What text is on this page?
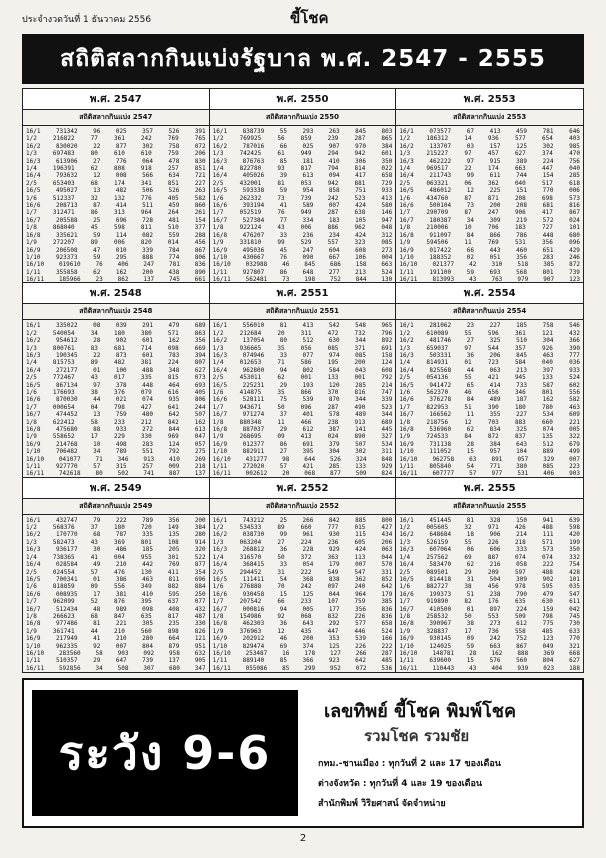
ประจำงวดวันที่ 1 ธันวาคม 2556	ขี้โชค
สถิติสลากกินแบ่งรัฐบาล พ.ศ. 2547 - 2555
พ.ศ. 2547
สถิติสลากกินแบ่ง 2547
16/1	731342	96	025	357	526	391
1/2	216822	77	361	242	769	765
16/2	830020	22	877	302	758	072
1/3	697483	80	610	610	759	206
16/3	613906	27	776	064	478	830
1/4	196391	62	808	918	257	851
16/4	793632	12	008	566	634	721
2/5	653403	68	174	341	851	227
16/5	495027	13	482	506	526	263
1/6	512337	32	132	776	405	582
16/6	208713	87	414	511	459	860
1/7	312471	86	313	964	264	261
16/7	205588	25	696	728	481	154
1/8	868040	45	598	811	510	377
16/8	335621	59	114	082	559	288
1/9	272207	89	006	820	014	456
16/9	206508	47	010	339	784	867
1/10	923373	59	295	888	774	806
16/10 019610 76 406 247 781 836
1/11	355858	62	162	200	438	890
16/11 185966 23 862 137 745 661
พ.ศ. 2550
สถิติสลากกินแบ่ง 2550
16/1	838739	55	293	263	845	803
1/2	769925	56	859	239	287	865
16/2	787016	66	025	907	970	384
1/3	742425	61	949	294	942	601
16/3	876763	85	181	410	306	350
1/4	822780	93	817	794	814	022
16/4	405026	39	613	094	417	658
2/5	432001	81	053	942	881	729
16/5	593338	59	954	858	751	933
1/6	262332	73	739	242	523	413
16/6	393194	41	589	007	424	580
1/7	052519	76	949	287	638	146
16/7	527384	77	334	183	105	947
1/8	922124	43	006	886	962	048
16/8	476207	33	236	234	424	312
1/9	331810	99	529	557	323	085
16/9	495036	45	247	604	608	273
1/10	430667	76	090	667	106	004
16/10 032988 46 845 686 158 663
1/11	927807	86	648	277	213	524
16/11 562481 73 198 752 844 130
พ.ศ. 2553
สถิติสลากกินแบ่ง 2553
16/1	073577	67	413	459	781	646
1/2	186312	14	936	577	654	403
16/2	133707	03	157	125	302	985
1/3	215227	97	457	627	374	470
16/3	462222	97	915	389	224	756
1/4	969517	22	174	663	447	040
16/4	211743	99	611	744	154	285
2/5	063321	06	362	040	517	618
16/5	486012	12	225	151	770	006
1/6	434760	87	871	208	698	573
16/6	500104	73	200	208	681	816
1/7	290709	87	247	906	417	867
16/7	180387	34	309	219	572	024
1/8	210006	10	706	183	727	101
16/8	911097	84	866	786	448	680
1/9	594506	11	769	531	356	096
16/9	017422	66	443	460	651	429
1/10	188352	02	051	356	283	246
16/10	021377	42	310	518	385	872
1/11	191100	59	693	568	801	739
16/11	813993	43	763	979	907	123
พ.ศ. 2548
สถิติสลากกินแบ่ง 2548
16/1	335022	08	039	291	479	689
1/2	540054	34	180	380	571	863
16/2	954612	28	902	601	162	356
1/3	800761	83	681	714	098	669
16/3	190345	22	873	601	783	394
1/4	815753	89	482	381	224	807
16/4	272177	01	100	488	348	627
2/5	772467	43	017	335	815	073
16/5	867134	97	378	448	464	693
1/6	176693	38	376	079	616	405
16/6	870030	44	021	074	935	806
1/7	000654	04	798	427	641	244
16/7	474452	13	759	480	642	507
1/8	622412	58	233	212	842	162
16/8	475680	88	933	272	844	613
1/9	558652	17	229	330	969	047
16/9	214768	10	498	283	124	057
1/10	706482	34	789	551	792	275
16/10 041077 71 346 913 410 269
1/11	927770	57	315	257	009	218
16/11 742618 80 502 741 887 137
พ.ศ. 2551
สถิติสลากกินแบ่ง 2551
16/1	556010	81	413	542	548	965
1/2	212684	20	311	472	732	796
16/2	137054	80	512	630	344	892
1/3	936665	35	056	085	371	691
16/3	074946	33	077	974	085	158
1/4	012653	71	586	195	200	124
16/4	962800	94	802	584	043	608
2/5	453011	62	001	133	001	792
16/5	225231	29	193	120	285	214
1/6	414875	35	866	370	816	747
16/6	528111	75	539	870	344	339
1/7	943671	50	096	287	490	523
16/7	971274	37	401	578	489	344
1/8	880348	11	466	238	913	689
16/8	887037	29	612	387	141	445
1/9	268695	09	413	024	890	327
16/9	012377	86	691	379	507	534
1/10	882911	27	395	304	302	311
16/10 431277 98 644 526 324 848
1/11	272020	57	421	285	133	929
16/11 002612 20 068 877 509 824
พ.ศ. 2554
สถิติสลากกินแบ่ง 2554
16/1	281062	23	227	185	758	546
1/2	610089	55	596	361	121	432
16/2	481746	27	325	510	304	366
1/3	659037	97	544	357	926	390
16/3	503331	36	206	845	463	777
1/4	814931	01	723	584	040	036
16/4	825568	44	063	213	397	933
2/5	054136	55	421	945	133	524
16/5	941472	65	414	733	587	602
1/6	562370	46	656	346	801	556
16/6	376278	84	489	187	162	582
1/7	822953	51	390	180	780	463
16/7	166562	11	355	227	534	609
1/8	218756	12	703	883	660	221
16/8	536960	62	834	325	074	005
1/9	724533	84	872	837	135	322
16/9	731138	28	384	643	512	679
1/10	111052	15	957	104	889	499
16/10	962758	63	891	057	329	007
1/11	805840	54	771	380	085	223
16/11	607777	57	977	531	406	903
พ.ศ. 2549
สถิติสลากกินแบ่ง 2549
16/1	432747	79	222	789	356	200
1/2	568376	37	180	720	149	384
16/2	170770	68	787	335	135	280
1/3	582473	43	369	801	108	914
16/3	936177	30	486	185	205	320
1/4	738365	41	004	955	301	522
16/4	028584	49	210	442	769	877
2/5	024554	57	476	130	411	354
16/5	700341	01	386	463	811	696
1/6	818859	09	556	349	882	884
16/6	008935	17	381	410	595	250
1/7	962099	52	876	395	637	077
16/7	512434	48	989	098	408	432
1/8	266623	68	847	635	817	487
16/8	977486	81	221	305	235	330
1/9	361741	44	210	560	898	826
16/9	217949	41	210	280	664	121
1/10	962335	92	007	804	879	951
16/10 283560 58 903 092 958 632
1/11	510357	29	647	739	137	905
16/11 592856 34 508 307 680 347
พ.ศ. 2552
สถิติสลากกินแบ่ง 2552
16/1	743212	25	266	842	885	800
1/2	534533	89	660	777	015	427
16/2	038730	99	961	930	115	434
1/3	063204	27	224	236	605	206
16/3	268812	36	228	929	424	063
1/4	316570	50	372	363	113	044
16/4	368415	33	054	179	007	570
2/5	294452	31	222	549	547	331
16/5	111411	54	368	838	362	852
1/6	276888	70	242	097	240	642
16/6	930458	15	125	044	964	179
1/7	207542	66	233	107	759	385
16/7	000816	94	005	177	356	836
1/8	154986	92	068	832	226	836
16/8	462303	36	643	292	577	658
1/9	376963	12	435	447	446	524
16/9	202912	46	200	353	539	166
1/10	829474	69	374	125	226	222
16/10 253487 16 178 127 266 287
1/11	889140	85	366	923	642	485
16/11 055086 85 299 952 072 536
พ.ศ. 2555
สถิติสลากกินแบ่ง 2555
16/1	451445	81	328	150	941	639
1/2	005605	32	971	426	488	598
16/2	648684	18	906	214	111	420
1/3	526159	55	226	218	571	199
16/3	607064	06	606	333	573	350
1/4	257562	69	887	074	074	332
16/4	583470	62	216	058	222	754
2/5	089501	29	209	597	488	428
16/5	814418	31	504	309	902	101
1/6	882727	38	456	978	595	035
16/6	199373	51	238	790	479	547
1/7	919890	82	176	635	630	611
16/7	410500	01	897	224	159	042
1/8	258532	50	553	509	798	745
16/8	390967	38	273	612	775	730
1/9	328837	17	736	558	485	633
16/9	930145	09	242	752	123	770
1/10	124025	59	663	867	049	321
16/10	148781	28	162	888	369	668
1/11	639600	15	576	560	804	627
16/11	110443	43	404	939	023	188
ระวัง 9-6
เลขทิพย์ ขี้โชค พิมพ์โชค
รวมโชค รวมชัย
กทม.-ชานเมือง : ทุกวันที่ 2 และ 17 ของเดือน
ต่างจังหวัด : ทุกวันที่ 4 และ 19 ของเดือน
สำนักพิมพ์ วิริยศาสน์ จัดจำหน่าย
2
